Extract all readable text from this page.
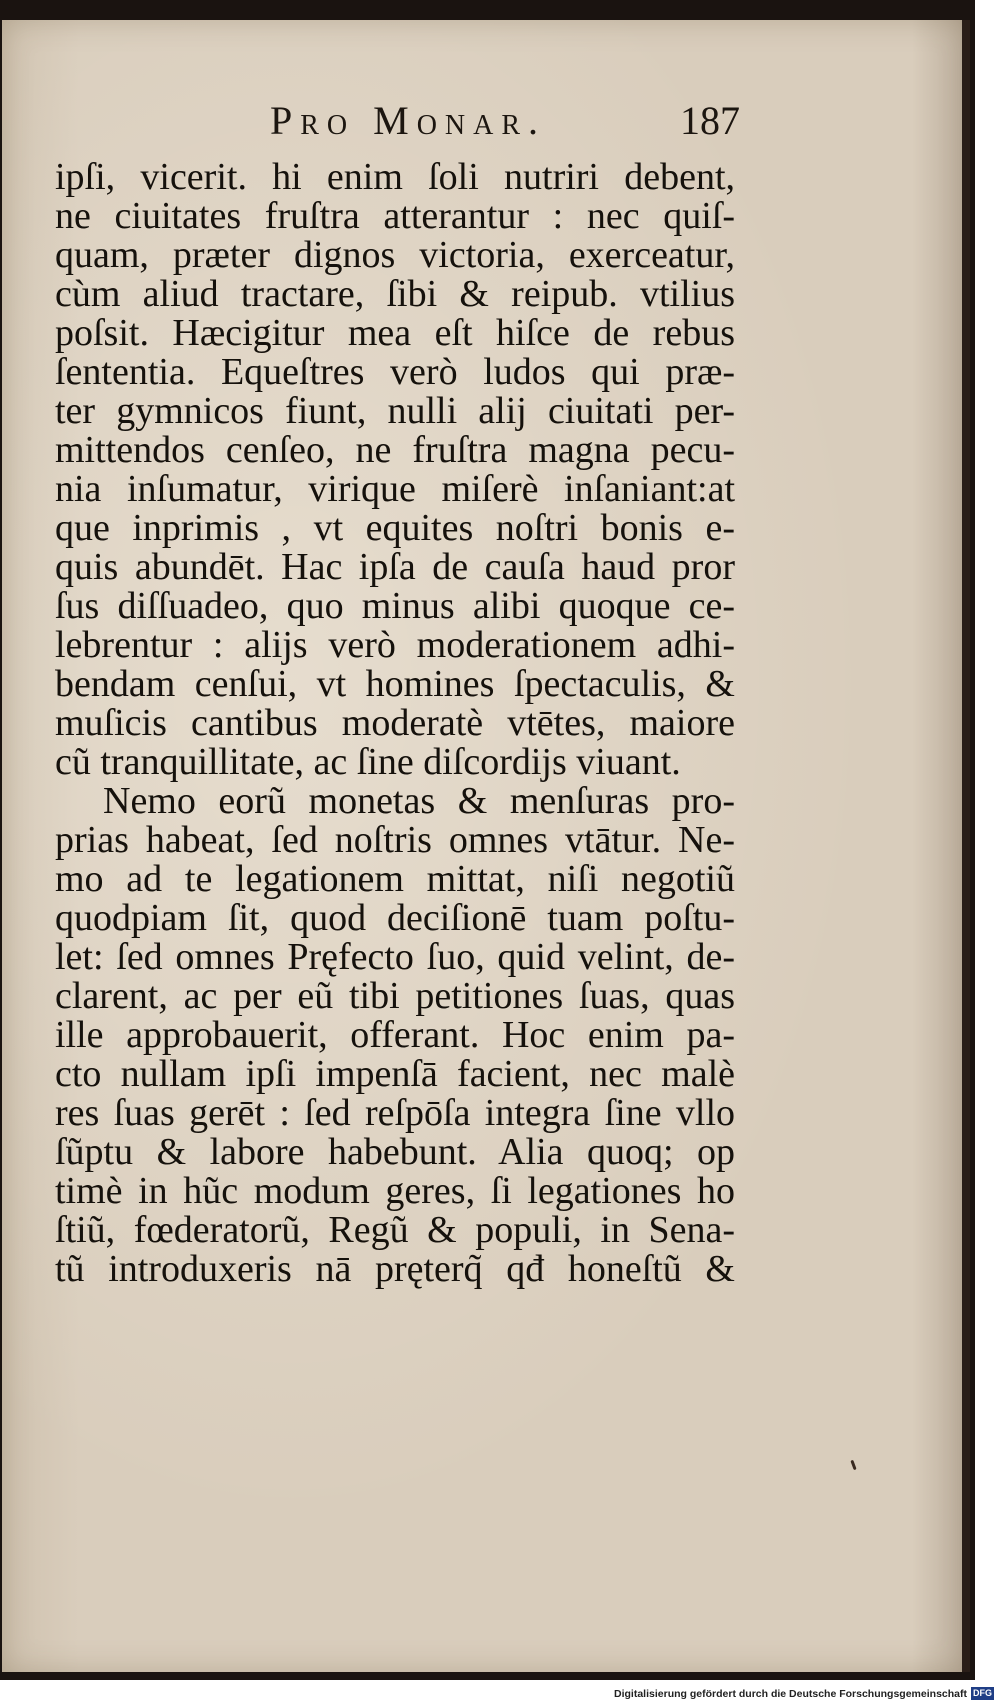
Pro Monar.	187
ipſi, vicerit. hi enim ſoli nutriri debent,
ne ciuitates fruſtra atterantur : nec quiſ-
quam, præter dignos victoria, exerceatur,
cùm aliud tractare, ſibi & reipub. vtilius
poſsit. Hæcigitur mea eſt hiſce de rebus
ſententia. Equeſtres verò ludos qui præ-
ter gymnicos fiunt, nulli alij ciuitati per-
mittendos cenſeo, ne fruſtra magna pecu-
nia inſumatur, virique miſerè inſaniant:at
que inprimis , vt equites noſtri bonis e-
quis abundēt. Hac ipſa de cauſa haud pror
ſus diſſuadeo, quo minus alibi quoque ce-
lebrentur : alijs verò moderationem adhi-
bendam cenſui, vt homines ſpectaculis, &
muſicis cantibus moderatè vtētes, maiore
cũ tranquillitate, ac ſine diſcordijs viuant.
Nemo eorũ monetas & menſuras pro-
prias habeat, ſed noſtris omnes vtātur. Ne-
mo ad te legationem mittat, niſi negotiũ
quodpiam ſit, quod deciſionē tuam poſtu-
let: ſed omnes Pręfecto ſuo, quid velint, de-
clarent, ac per eũ tibi petitiones ſuas, quas
ille approbauerit, offerant. Hoc enim pa-
cto nullam ipſi impenſā facient, nec malè
res ſuas gerēt : ſed reſpōſa integra ſine vllo
ſũptu & labore habebunt. Alia quoq; op
timè in hũc modum geres, ſi legationes ho
ſtiũ, fœderatorũ, Regũ & populi, in Sena-
tũ introduxeris nā pręterq̃ qđ honeſtũ &
Digitalisierung gefördert durch die Deutsche Forschungsgemeinschaft DFG
